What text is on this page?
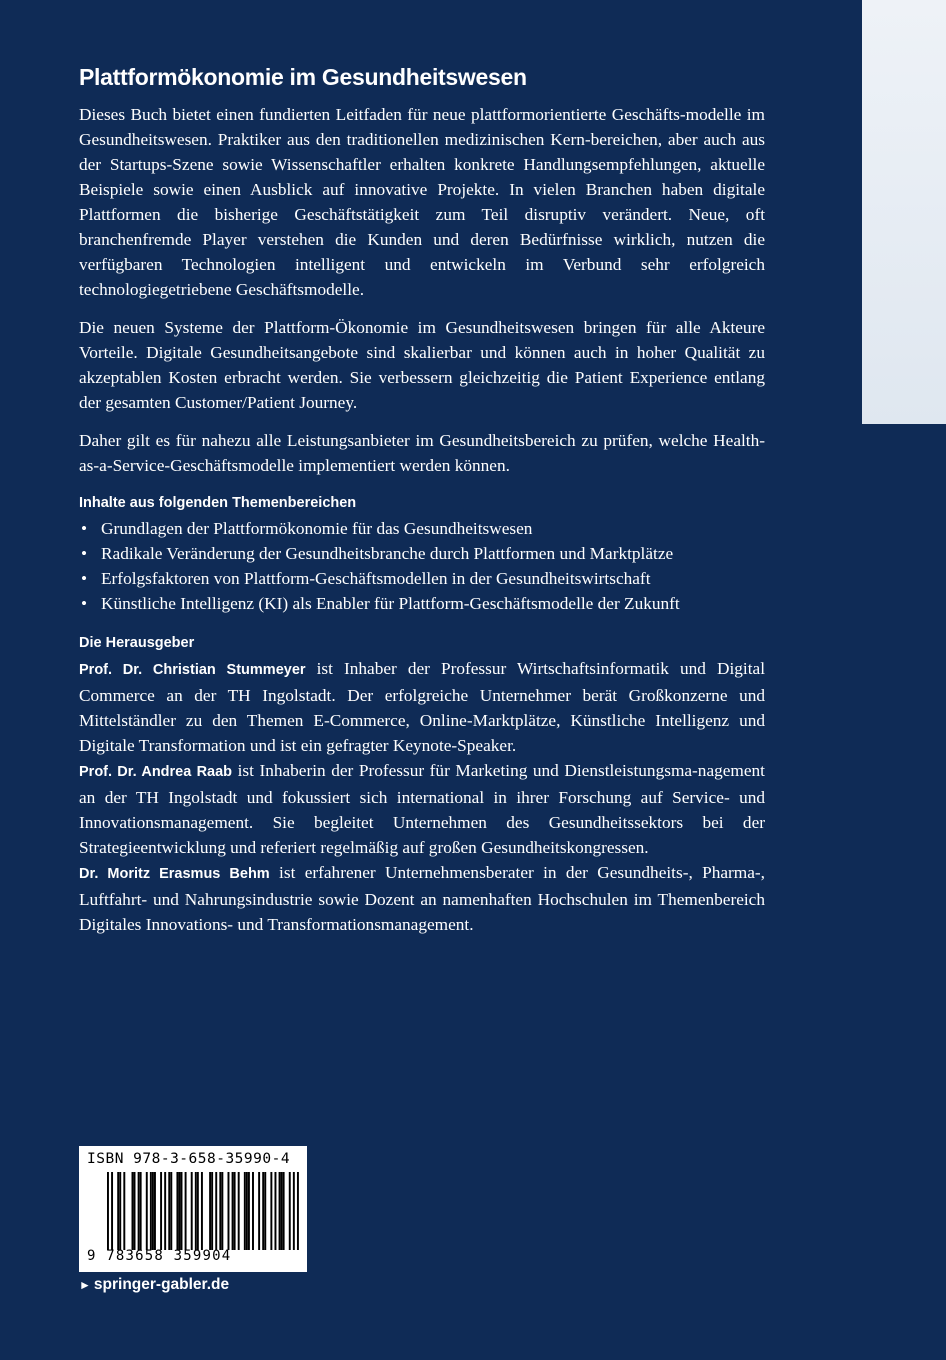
Plattformökonomie im Gesundheitswesen

Dieses Buch bietet einen fundierten Leitfaden für neue plattformorientierte Geschäfts-modelle im Gesundheitswesen. Praktiker aus den traditionellen medizinischen Kern-bereichen, aber auch aus der Startups-Szene sowie Wissenschaftler erhalten konkrete Handlungsempfehlungen, aktuelle Beispiele sowie einen Ausblick auf innovative Projekte. In vielen Branchen haben digitale Plattformen die bisherige Geschäftstätigkeit zum Teil disruptiv verändert. Neue, oft branchenfremde Player verstehen die Kunden und deren Bedürfnisse wirklich, nutzen die verfügbaren Technologien intelligent und entwickeln im Verbund sehr erfolgreich technologiegetriebene Geschäftsmodelle.

Die neuen Systeme der Plattform-Ökonomie im Gesundheitswesen bringen für alle Akteure Vorteile. Digitale Gesundheitsangebote sind skalierbar und können auch in hoher Qualität zu akzeptablen Kosten erbracht werden. Sie verbessern gleichzeitig die Patient Experience entlang der gesamten Customer/Patient Journey.

Daher gilt es für nahezu alle Leistungsanbieter im Gesundheitsbereich zu prüfen, welche Health-as-a-Service-Geschäftsmodelle implementiert werden können.

Inhalte aus folgenden Themenbereichen
• Grundlagen der Plattformökonomie für das Gesundheitswesen
• Radikale Veränderung der Gesundheitsbranche durch Plattformen und Marktplätze
• Erfolgsfaktoren von Plattform-Geschäftsmodellen in der Gesundheitswirtschaft
• Künstliche Intelligenz (KI) als Enabler für Plattform-Geschäftsmodelle der Zukunft
Die Herausgeber

Prof. Dr. Christian Stummeyer ist Inhaber der Professur Wirtschaftsinformatik und Digital Commerce an der TH Ingolstadt. Der erfolgreiche Unternehmer berät Großkonzerne und Mittelständler zu den Themen E-Commerce, Online-Marktplätze, Künstliche Intelligenz und Digitale Transformation und ist ein gefragter Keynote-Speaker.

Prof. Dr. Andrea Raab ist Inhaberin der Professur für Marketing und Dienstleistungsma-nagement an der TH Ingolstadt und fokussiert sich international in ihrer Forschung auf Service- und Innovationsmanagement. Sie begleitet Unternehmen des Gesundheitssektors bei der Strategieentwicklung und referiert regelmäßig auf großen Gesundheitskongressen.

Dr. Moritz Erasmus Behm ist erfahrener Unternehmensberater in der Gesundheits-, Pharma-, Luftfahrt- und Nahrungsindustrie sowie Dozent an namenhaften Hochschulen im Themenbereich Digitales Innovations- und Transformationsmanagement.

ISBN 978-3-658-35990-4
9 783658 359904
► springer-gabler.de
